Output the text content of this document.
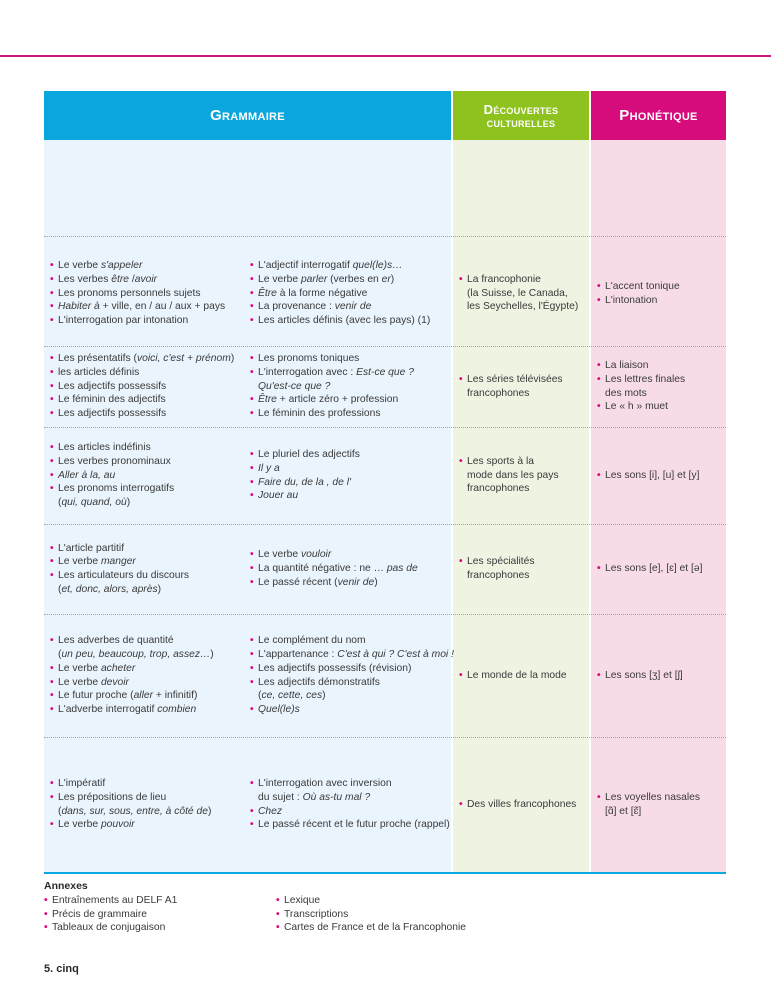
Grammaire	Découvertes
culturelles	Phonétique
• Le verbe s'appeler
• Les verbes être /avoir
• Les pronoms personnels sujets
• Habiter à + ville, en / au / aux + pays
• L'interrogation par intonation
• L'adjectif interrogatif quel(le)s…
• Le verbe parler (verbes en er)
• Être à la forme négative
• La provenance : venir de
• Les articles définis (avec les pays) (1)
• La francophonie
(la Suisse, le Canada,
les Seychelles, l'Égypte)
• L'accent tonique
• L'intonation
• Les présentatifs (voici, c'est + prénom)
• les articles définis
• Les adjectifs possessifs
• Le féminin des adjectifs
• Les adjectifs possessifs
• Les pronoms toniques
• L'interrogation avec : Est-ce que ?
Qu'est-ce que ?
• Être + article zéro + profession
• Le féminin des professions
• Les séries télévisées
francophones
• La liaison
• Les lettres finales
des mots
• Le « h » muet
• Les articles indéfinis
• Les verbes pronominaux
• Aller à la, au
• Les pronoms interrogatifs
(qui, quand, où)
• Le pluriel des adjectifs
• Il y a
• Faire du, de la , de l'
• Jouer au
• Les sports à la
mode dans les pays
francophones
• Les sons [i], [u] et [y]
• L'article partitif
• Le verbe manger
• Les articulateurs du discours
(et, donc, alors, après)
• Le verbe vouloir
• La quantité négative : ne … pas de
• Le passé récent (venir de)
• Les spécialités
francophones
• Les sons [e], [ɛ] et [ə]
• Les adverbes de quantité
(un peu, beaucoup, trop, assez…)
• Le verbe acheter
• Le verbe devoir
• Le futur proche (aller + infinitif)
• L'adverbe interrogatif combien
• Le complément du nom
• L'appartenance : C'est à qui ? C'est à moi !
• Les adjectifs possessifs (révision)
• Les adjectifs démonstratifs
(ce, cette, ces)
• Quel(le)s
• Le monde de la mode
•	Les sons [ʒ] et [ʃ]
• L'impératif
• Les prépositions de lieu
(dans, sur, sous, entre, à côté de)
• Le verbe pouvoir
• L'interrogation avec inversion
du sujet : Où as-tu mal ?
• Chez
• Le passé récent et le futur proche (rappel)
• Des villes francophones
• Les voyelles nasales
[ɑ̃] et [ɛ̃]
Annexes
• Entraînements au DELF A1
• Précis de grammaire
• Tableaux de conjugaison
• Lexique
• Transcriptions
• Cartes de France et de la Francophonie
5. cinq
